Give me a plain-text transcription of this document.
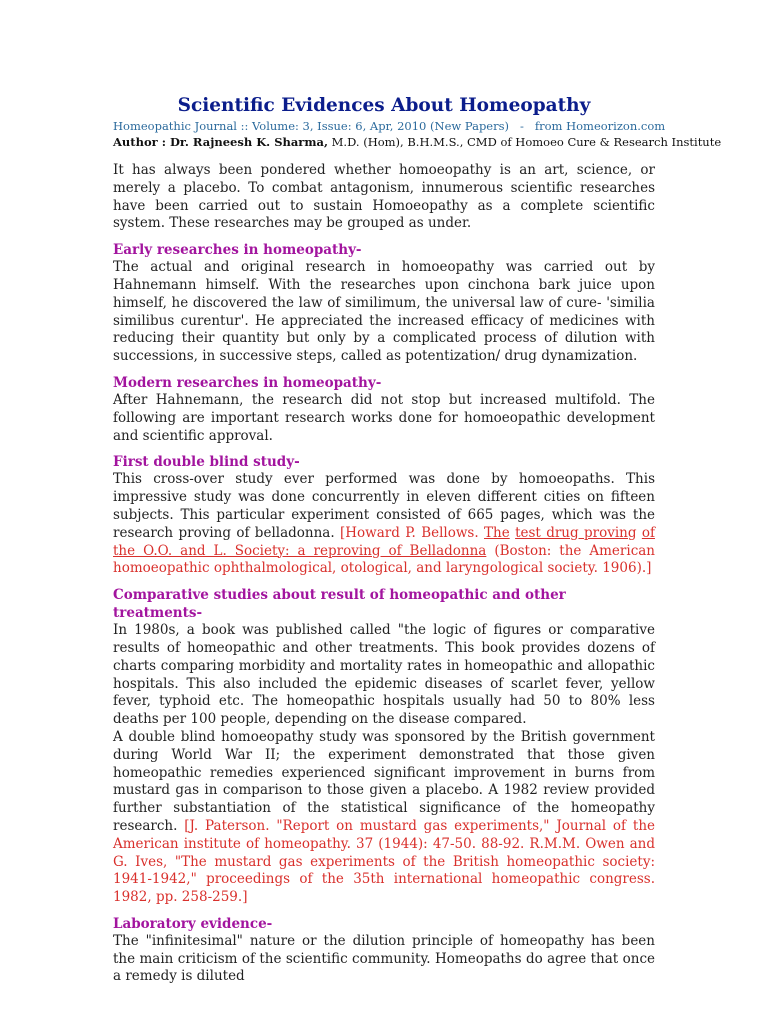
Scientific Evidences About Homeopathy
Homeopathic Journal :: Volume: 3, Issue: 6, Apr, 2010 (New Papers) - from Homeorizon.com
Author : Dr. Rajneesh K. Sharma, M.D. (Hom), B.H.M.S., CMD of Homoeo Cure & Research Institute

It has always been pondered whether homoeopathy is an art, science, or merely a placebo. To combat antagonism, innumerous scientific researches have been carried out to sustain Homoeopathy as a complete scientific system. These researches may be grouped as under.

Early researches in homeopathy-

The actual and original research in homoeopathy was carried out by Hahnemann himself. With the researches upon cinchona bark juice upon himself, he discovered the law of similimum, the universal law of cure- 'similia similibus curentur'. He appreciated the increased efficacy of medicines with reducing their quantity but only by a complicated process of dilution with successions, in successive steps, called as potentization/ drug dynamization.

Modern researches in homeopathy-

After Hahnemann, the research did not stop but increased multifold. The following are important research works done for homoeopathic development and scientific approval.

First double blind study-

This cross-over study ever performed was done by homoeopaths. This impressive study was done concurrently in eleven different cities on fifteen subjects. This particular experiment consisted of 665 pages, which was the research proving of belladonna. [Howard P. Bellows. The test drug proving of the O.O. and L. Society: a reproving of Belladonna (Boston: the American homoeopathic ophthalmological, otological, and laryngological society. 1906).]

Comparative studies about result of homeopathic and other treatments-

In 1980s, a book was published called "the logic of figures or comparative results of homeopathic and other treatments. This book provides dozens of charts comparing morbidity and mortality rates in homeopathic and allopathic hospitals. This also included the epidemic diseases of scarlet fever, yellow fever, typhoid etc. The homeopathic hospitals usually had 50 to 80% less deaths per 100 people, depending on the disease compared.

A double blind homoeopathy study was sponsored by the British government during World War II; the experiment demonstrated that those given homeopathic remedies experienced significant improvement in burns from mustard gas in comparison to those given a placebo. A 1982 review provided further substantiation of the statistical significance of the homeopathy research. [J. Paterson. "Report on mustard gas experiments," Journal of the American institute of homeopathy. 37 (1944): 47-50. 88-92. R.M.M. Owen and G. Ives, "The mustard gas experiments of the British homeopathic society: 1941-1942," proceedings of the 35th international homeopathic congress. 1982, pp. 258-259.]

Laboratory evidence-

The "infinitesimal" nature or the dilution principle of homeopathy has been the main criticism of the scientific community. Homeopaths do agree that once a remedy is diluted
